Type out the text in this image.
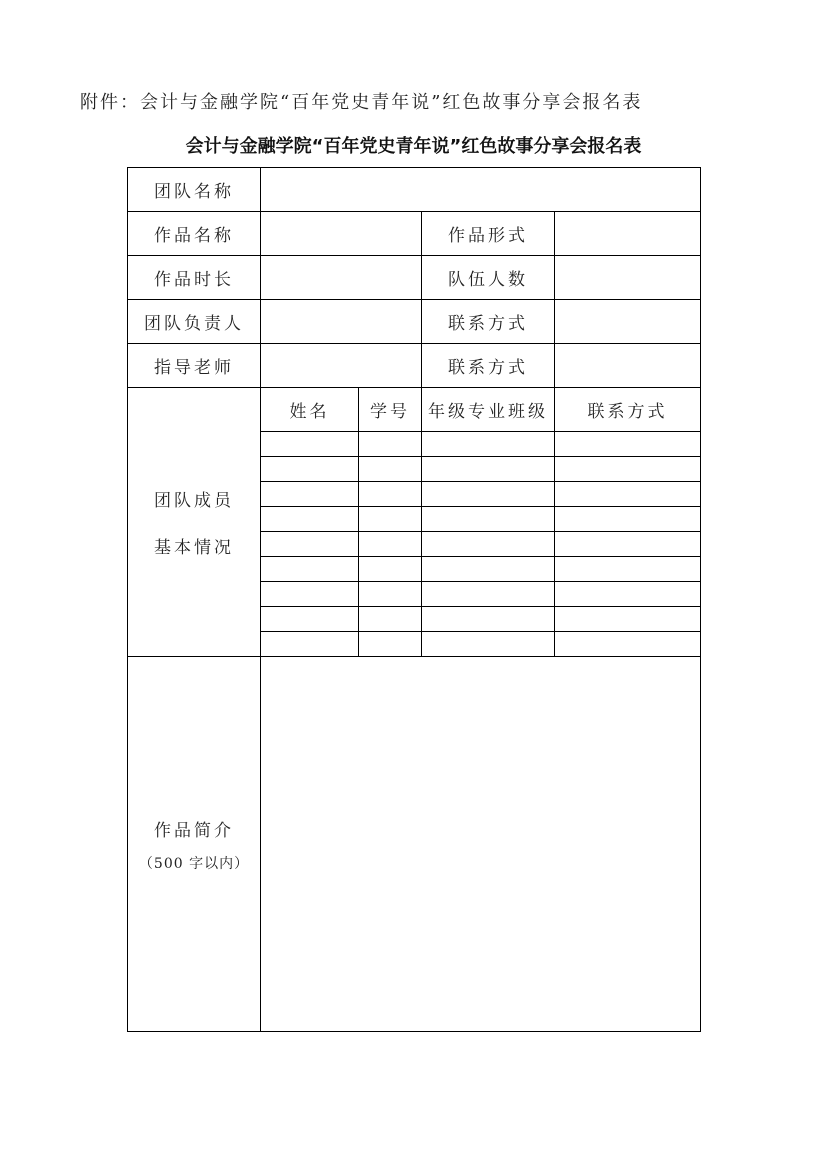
附件：会计与金融学院“百年党史青年说”红色故事分享会报名表
会计与金融学院“百年党史青年说”红色故事分享会报名表
团队名称				
作品名称			作品形式	
作品时长			队伍人数	
团队负责人			联系方式	
指导老师			联系方式	

团队成员
基本情况	姓名	学号	年级专业班级	联系方式

作品简介
（500 字以内）				
